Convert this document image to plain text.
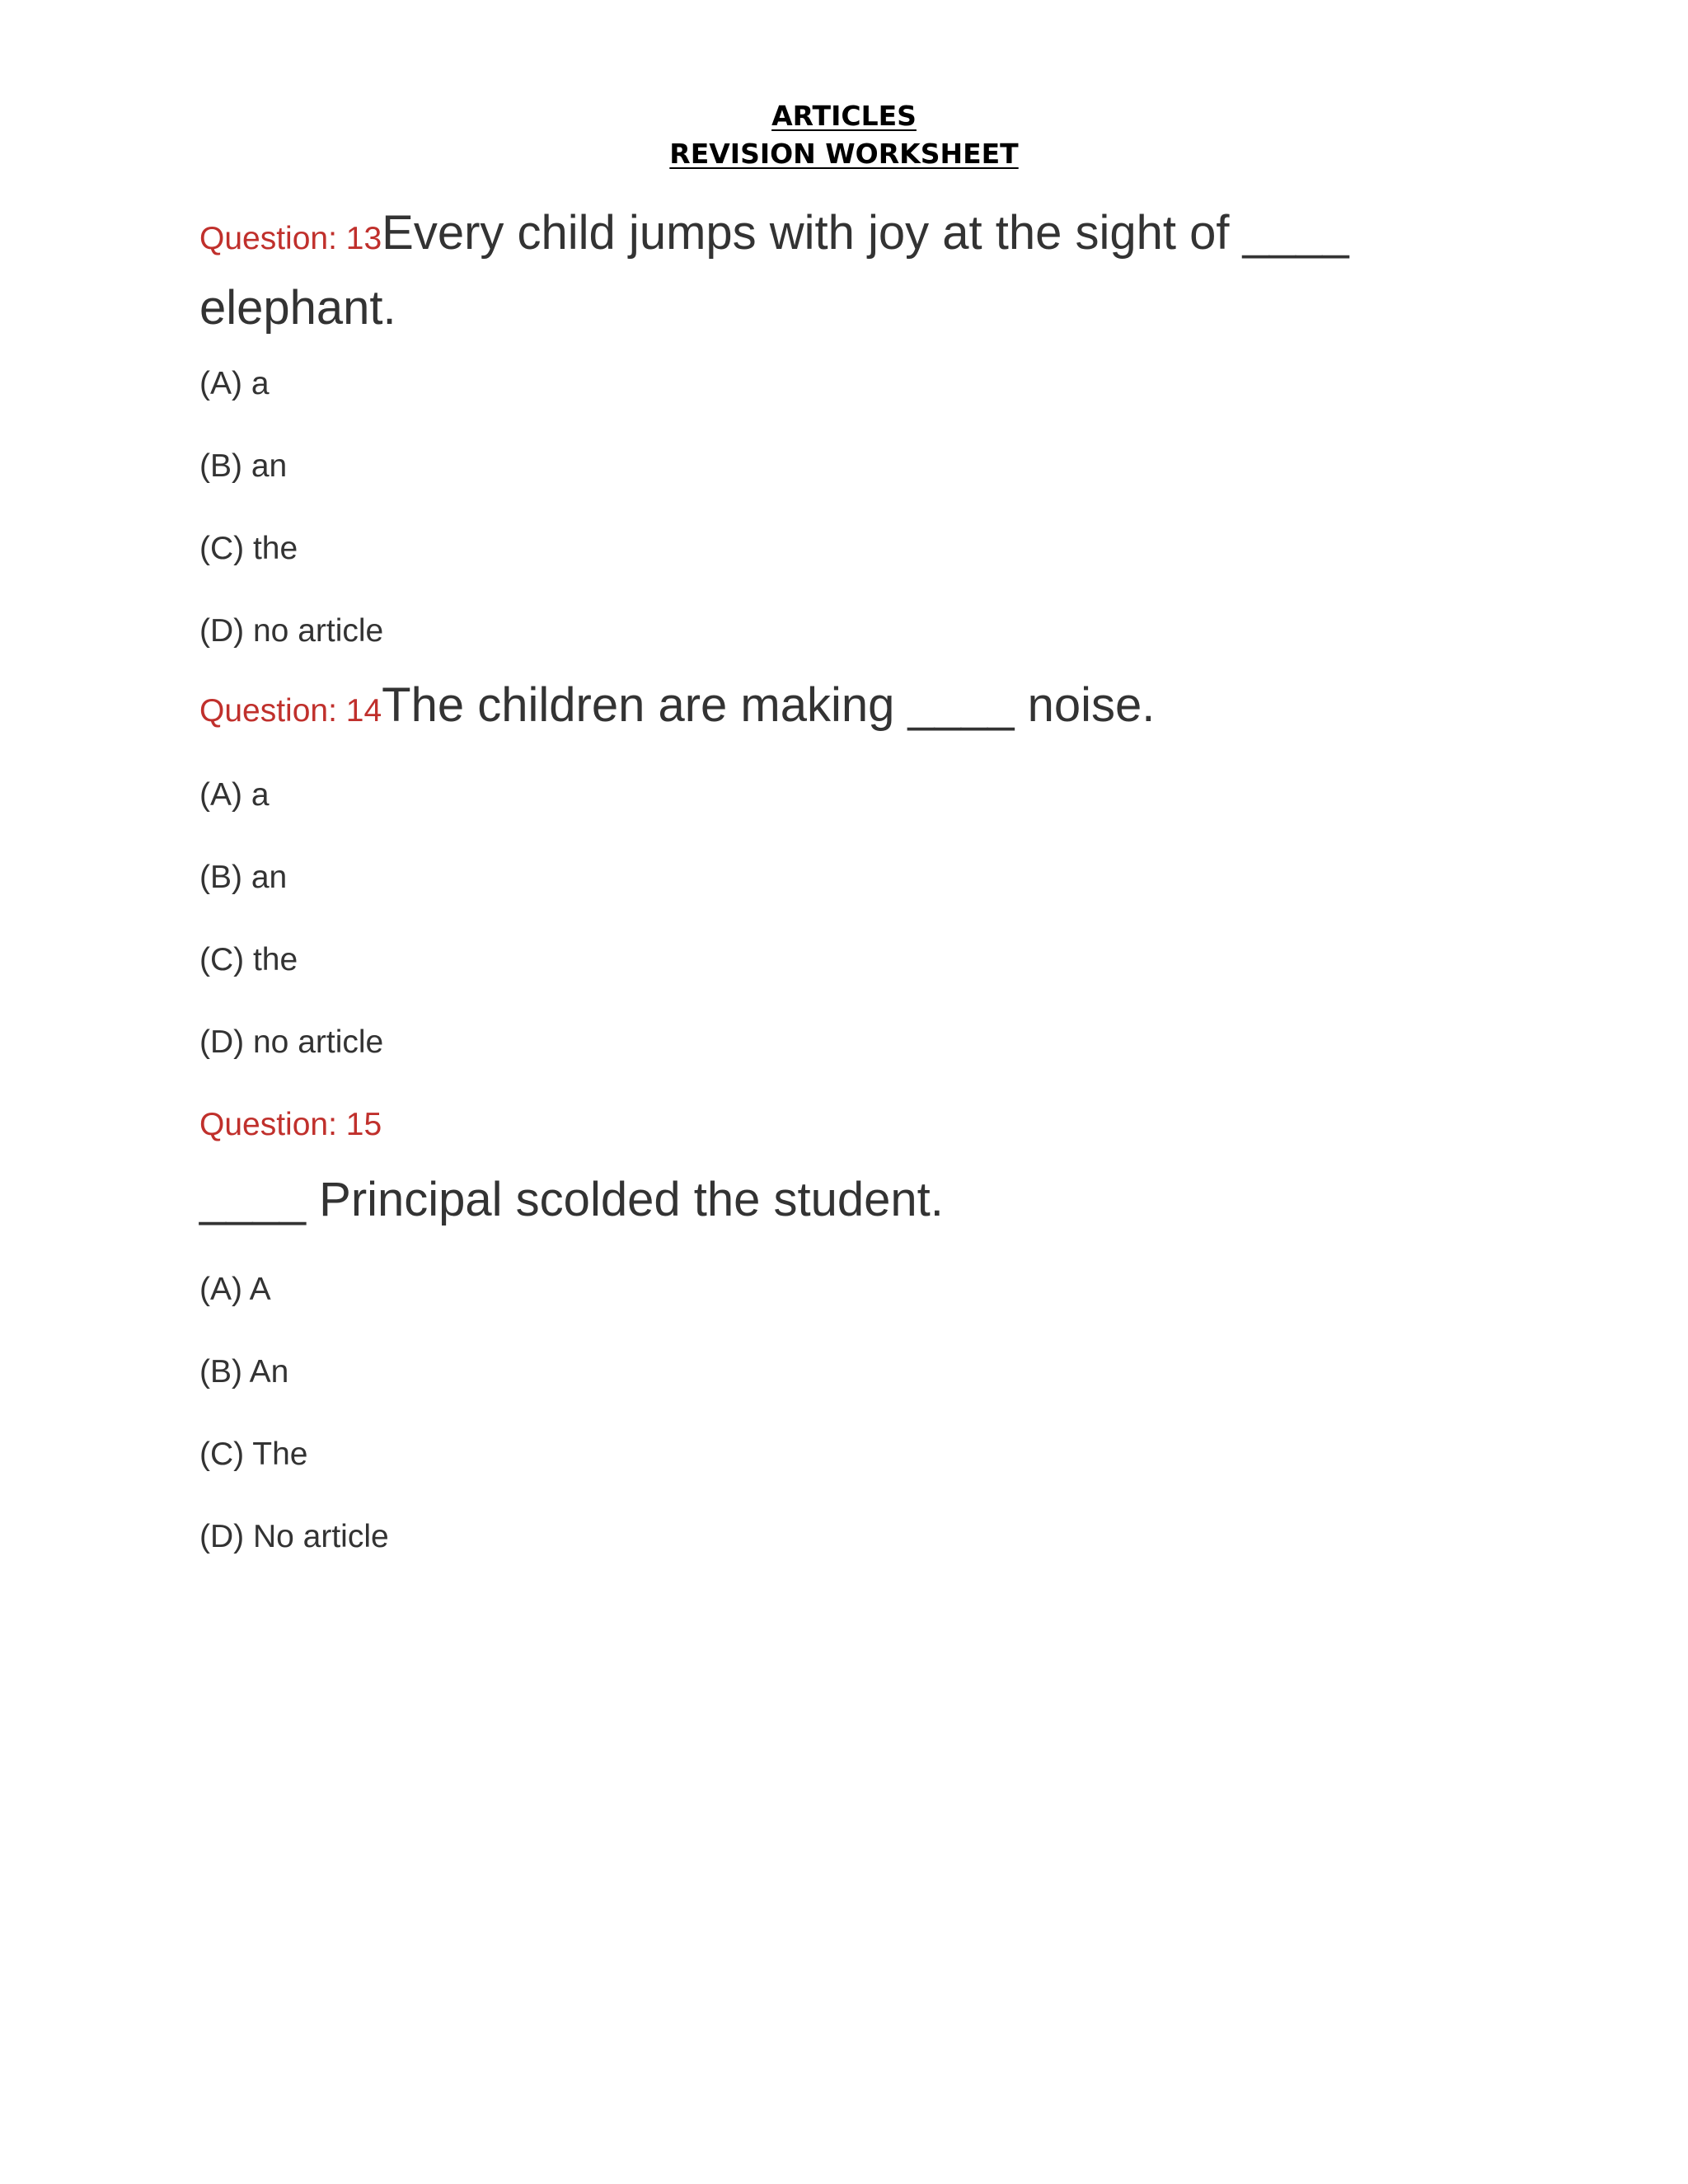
ARTICLES
REVISION WORKSHEET
Question: 13Every child jumps with joy at the sight of ____
elephant.
(A) a
(B) an
(C) the
(D) no article
Question: 14The children are making ____ noise.
(A) a
(B) an
(C) the
(D) no article
Question: 15
____ Principal scolded the student.
(A) A
(B) An
(C) The
(D) No article
